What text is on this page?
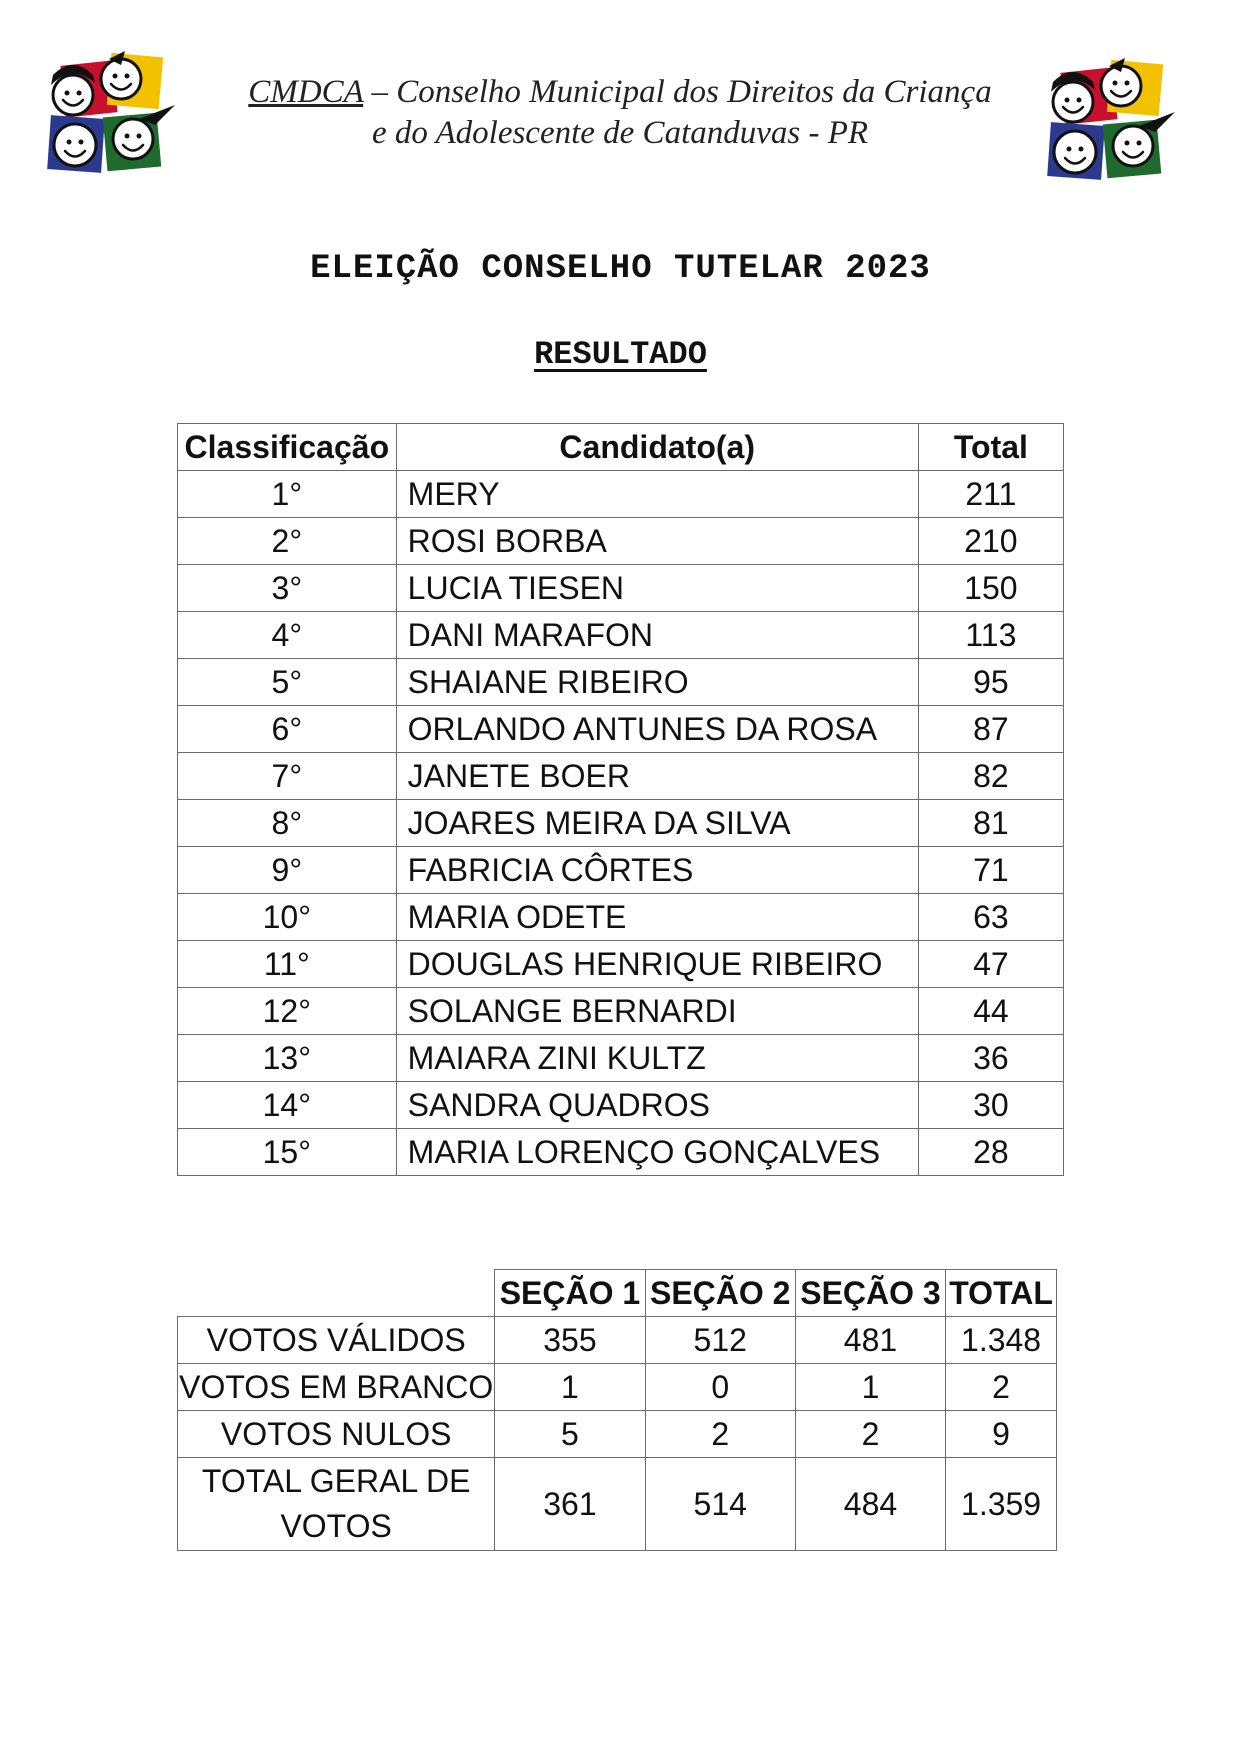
CMDCA – Conselho Municipal dos Direitos da Criança
e do Adolescente de Catanduvas - PR
ELEIÇÃO CONSELHO TUTELAR 2023
RESULTADO
Classificação	Candidato(a)	Total
1°	MERY	211
2°	ROSI BORBA	210
3°	LUCIA TIESEN	150
4°	DANI MARAFON	113
5°	SHAIANE RIBEIRO	95
6°	ORLANDO ANTUNES DA ROSA	87
7°	JANETE BOER	82
8°	JOARES MEIRA DA SILVA	81
9°	FABRICIA CÔRTES	71
10°	MARIA ODETE	63
11°	DOUGLAS HENRIQUE RIBEIRO	47
12°	SOLANGE BERNARDI	44
13°	MAIARA ZINI KULTZ	36
14°	SANDRA QUADROS	30
15°	MARIA LORENÇO GONÇALVES	28
	SEÇÃO 1	SEÇÃO 2	SEÇÃO 3	TOTAL
VOTOS VÁLIDOS	355	512	481	1.348
VOTOS EM BRANCO	1	0	1	2
VOTOS NULOS	5	2	2	9

TOTAL GERAL DE
VOTOS	361	514	484	1.359
